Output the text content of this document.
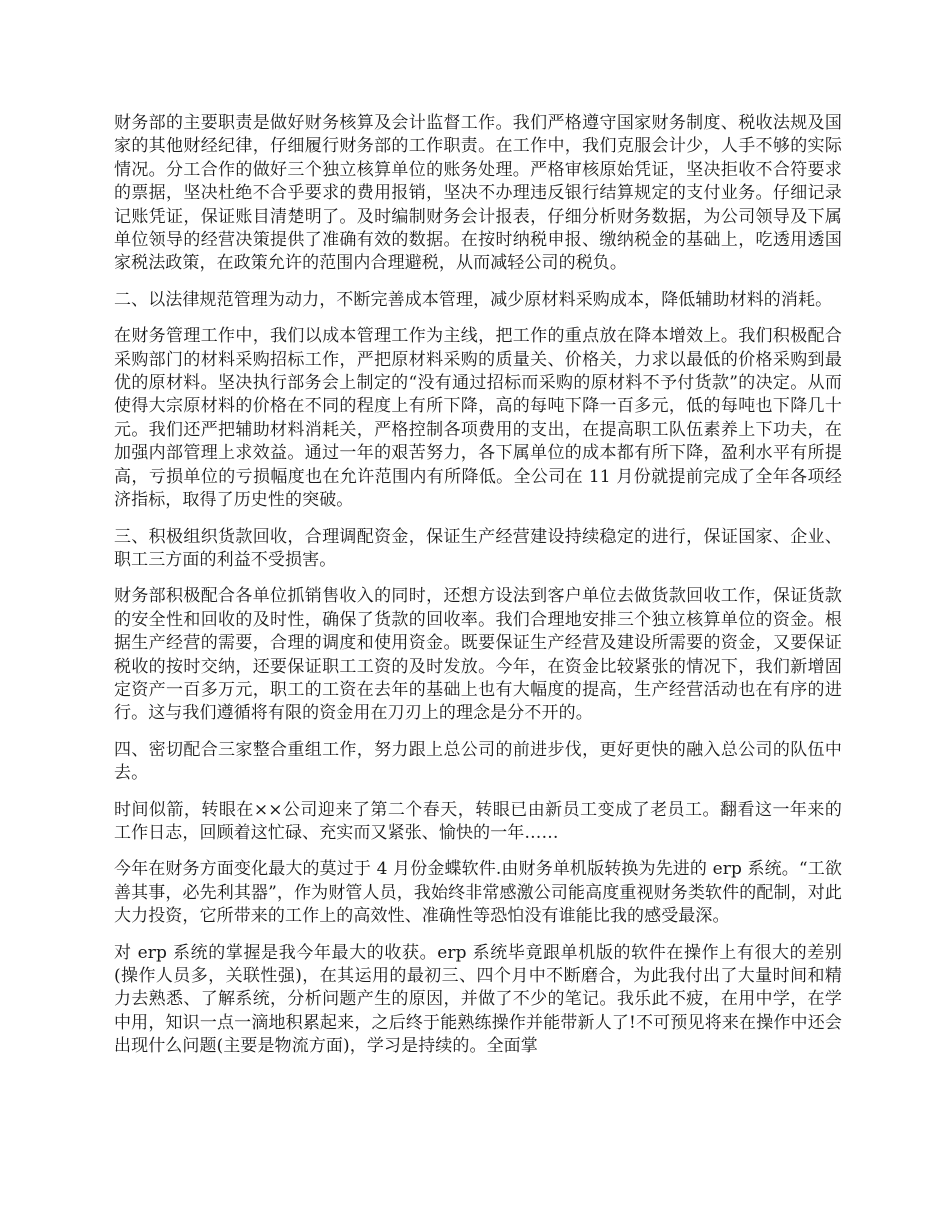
财务部的主要职责是做好财务核算及会计监督工作。我们严格遵守国家财务制度、税收法规及国家的其他财经纪律，仔细履行财务部的工作职责。在工作中，我们克服会计少，人手不够的实际情况。分工合作的做好三个独立核算单位的账务处理。严格审核原始凭证，坚决拒收不合符要求的票据，坚决杜绝不合乎要求的费用报销，坚决不办理违反银行结算规定的支付业务。仔细记录记账凭证，保证账目清楚明了。及时编制财务会计报表，仔细分析财务数据，为公司领导及下属单位领导的经营决策提供了准确有效的数据。在按时纳税申报、缴纳税金的基础上，吃透用透国家税法政策，在政策允许的范围内合理避税，从而减轻公司的税负。

二、以法律规范管理为动力，不断完善成本管理，减少原材料采购成本，降低辅助材料的消耗。

在财务管理工作中，我们以成本管理工作为主线，把工作的重点放在降本增效上。我们积极配合采购部门的材料采购招标工作，严把原材料采购的质量关、价格关，力求以最低的价格采购到最优的原材料。坚决执行部务会上制定的“没有通过招标而采购的原材料不予付货款”的决定。从而使得大宗原材料的价格在不同的程度上有所下降，高的每吨下降一百多元，低的每吨也下降几十元。我们还严把辅助材料消耗关，严格控制各项费用的支出，在提高职工队伍素养上下功夫，在加强内部管理上求效益。通过一年的艰苦努力，各下属单位的成本都有所下降，盈利水平有所提高，亏损单位的亏损幅度也在允许范围内有所降低。全公司在 11 月份就提前完成了全年各项经济指标，取得了历史性的突破。

三、积极组织货款回收，合理调配资金，保证生产经营建设持续稳定的进行，保证国家、企业、职工三方面的利益不受损害。

财务部积极配合各单位抓销售收入的同时，还想方设法到客户单位去做货款回收工作，保证货款的安全性和回收的及时性，确保了货款的回收率。我们合理地安排三个独立核算单位的资金。根据生产经营的需要，合理的调度和使用资金。既要保证生产经营及建设所需要的资金，又要保证税收的按时交纳，还要保证职工工资的及时发放。今年，在资金比较紧张的情况下，我们新增固定资产一百多万元，职工的工资在去年的基础上也有大幅度的提高，生产经营活动也在有序的进行。这与我们遵循将有限的资金用在刀刃上的理念是分不开的。

四、密切配合三家整合重组工作，努力跟上总公司的前进步伐，更好更快的融入总公司的队伍中去。

时间似箭，转眼在××公司迎来了第二个春天，转眼已由新员工变成了老员工。翻看这一年来的工作日志，回顾着这忙碌、充实而又紧张、愉快的一年……

今年在财务方面变化最大的莫过于 4 月份金蝶软件.由财务单机版转换为先进的 erp 系统。“工欲善其事，必先利其器”，作为财管人员，我始终非常感激公司能高度重视财务类软件的配制，对此大力投资，它所带来的工作上的高效性、准确性等恐怕没有谁能比我的感受最深。

对 erp 系统的掌握是我今年最大的收获。erp 系统毕竟跟单机版的软件在操作上有很大的差别(操作人员多，关联性强)，在其运用的最初三、四个月中不断磨合，为此我付出了大量时间和精力去熟悉、了解系统，分析问题产生的原因，并做了不少的笔记。我乐此不疲，在用中学，在学中用，知识一点一滴地积累起来，之后终于能熟练操作并能带新人了!不可预见将来在操作中还会出现什么问题(主要是物流方面)，学习是持续的。全面掌
